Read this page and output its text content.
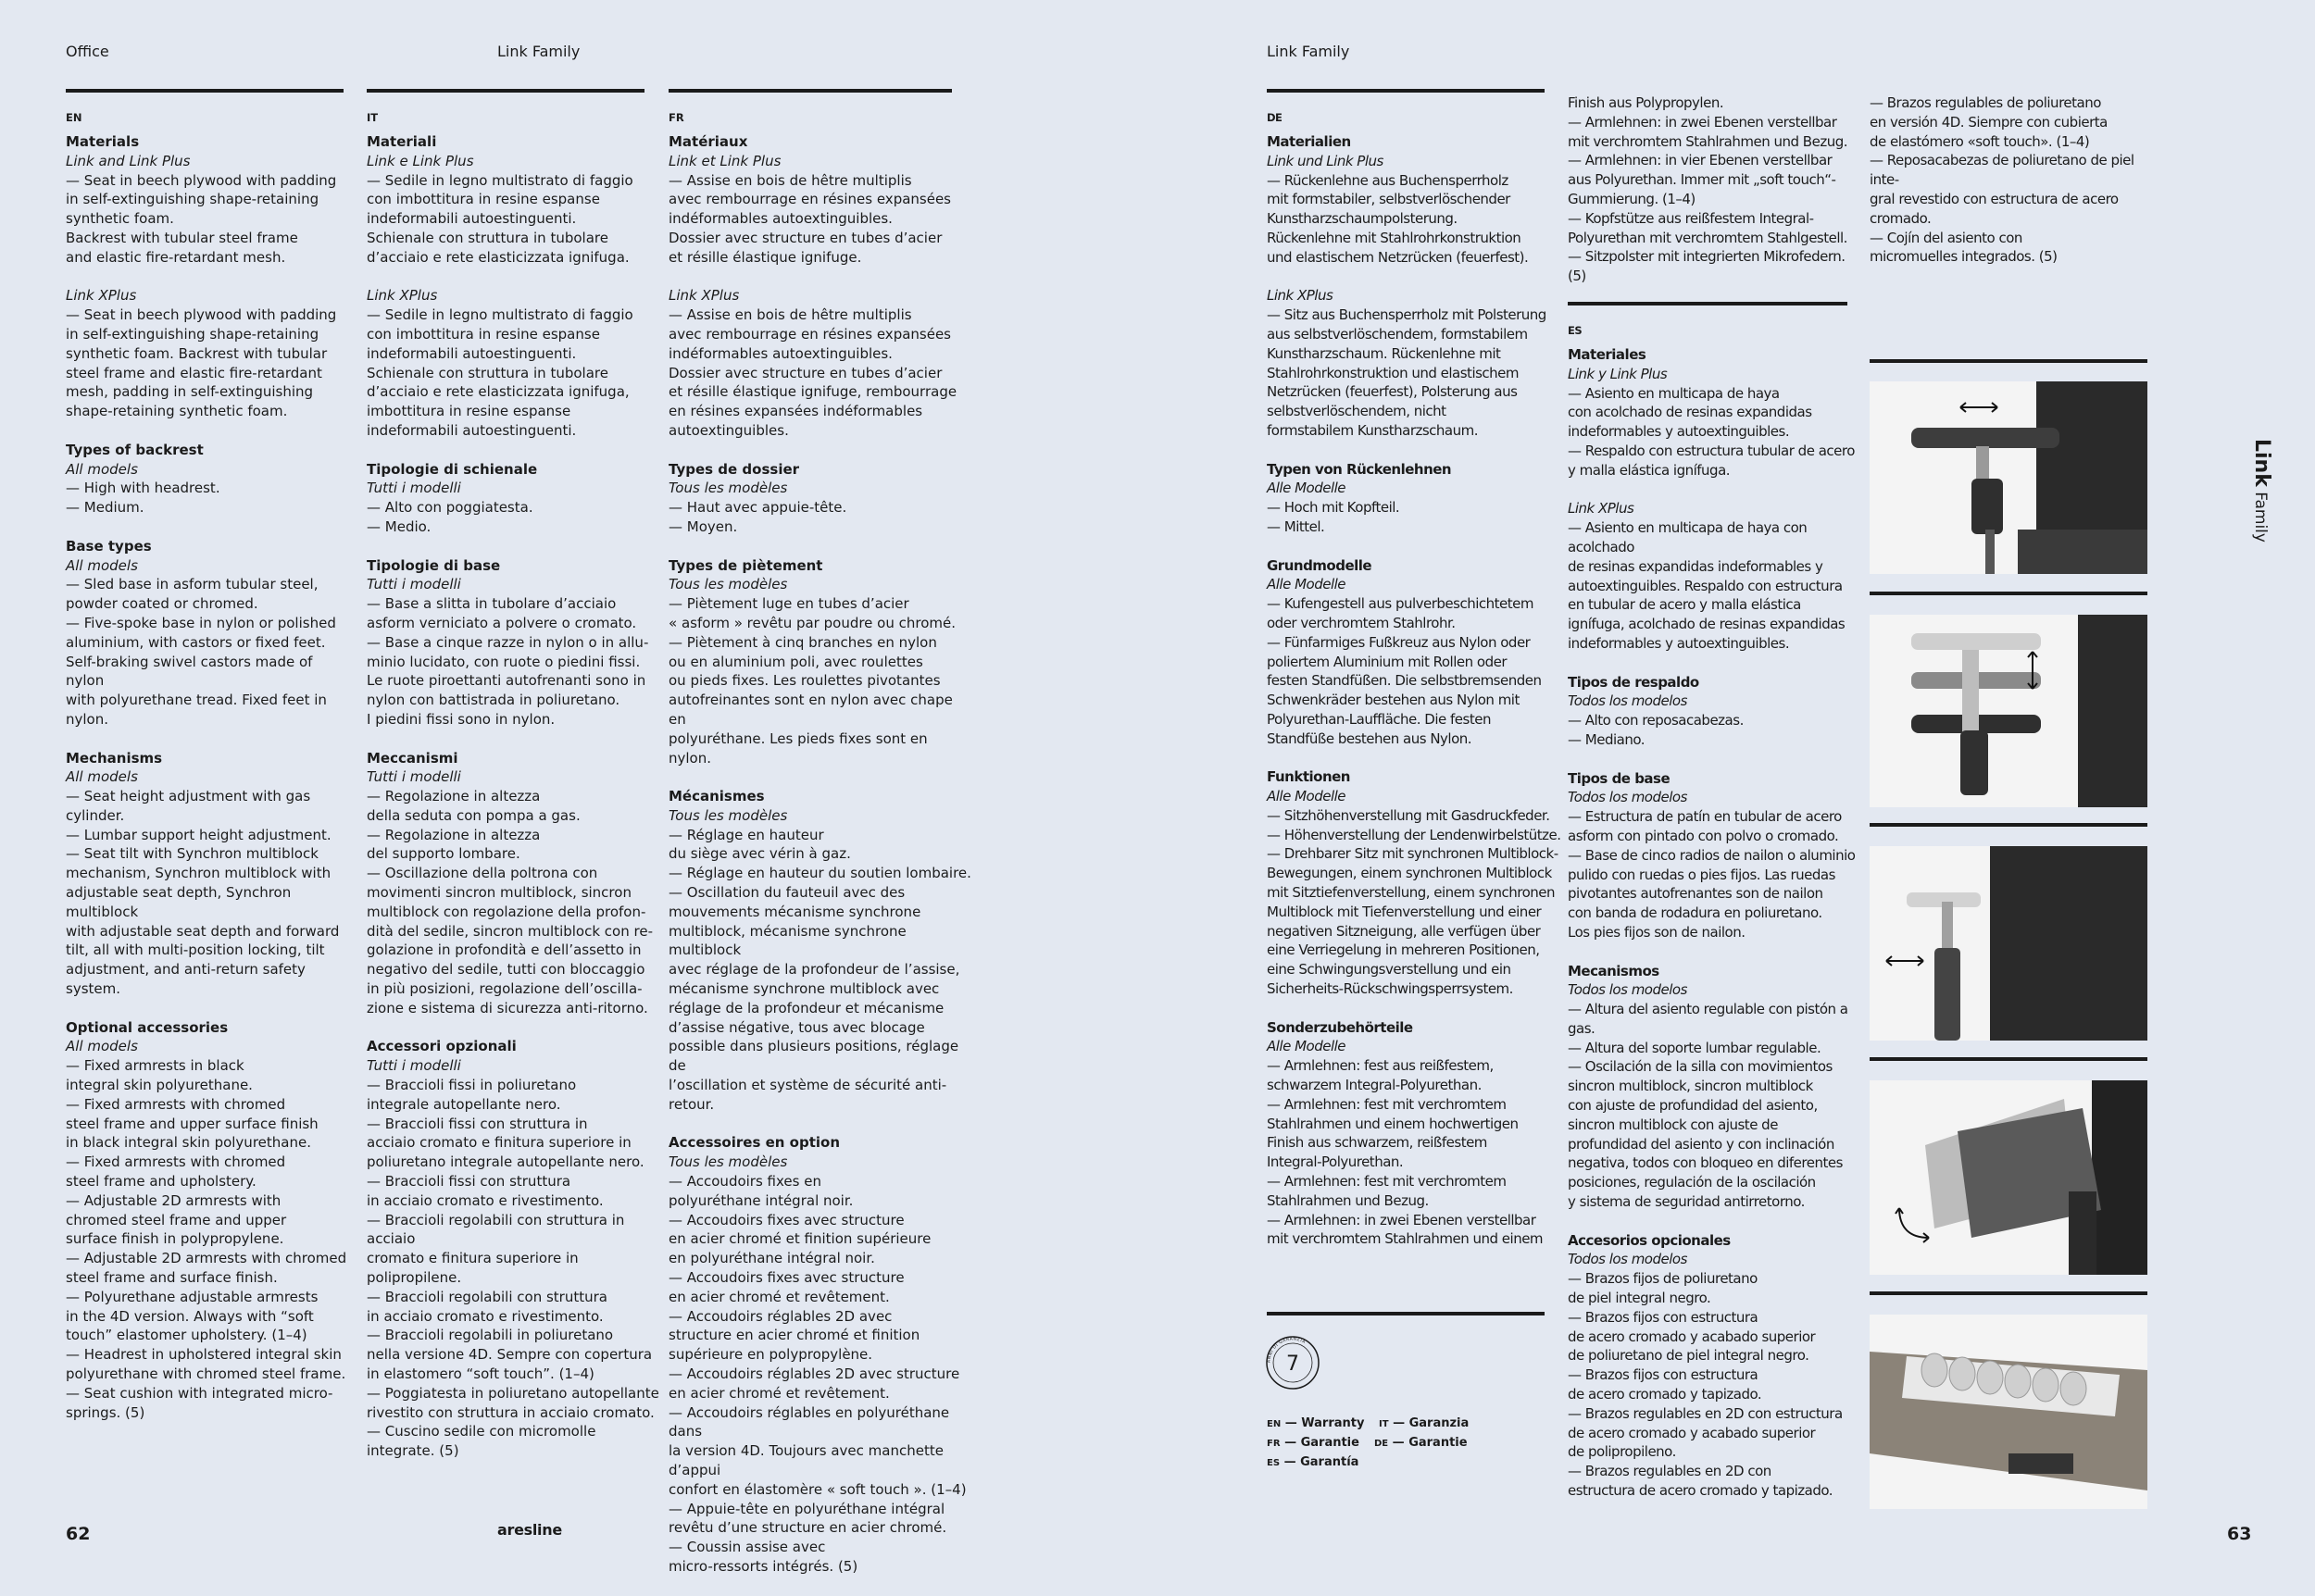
Office	Link Family	Link Family
EN

Materials
Link and Link Plus
— Seat in beech plywood with padding
in self-extinguishing shape-retaining
synthetic foam.
Backrest with tubular steel frame
and elastic fire-retardant mesh.

Link XPlus
— Seat in beech plywood with padding
in self-extinguishing shape-retaining
synthetic foam. Backrest with tubular
steel frame and elastic fire-retardant
mesh, padding in self-extinguishing
shape-retaining synthetic foam.

Types of backrest
All models
— High with headrest.
— Medium.

Base types
All models
— Sled base in asform tubular steel,
powder coated or chromed.
— Five-spoke base in nylon or polished
aluminium, with castors or fixed feet.
Self-braking swivel castors made of nylon
with polyurethane tread. Fixed feet in nylon.

Mechanisms
All models
— Seat height adjustment with gas cylinder.
— Lumbar support height adjustment.
— Seat tilt with Synchron multiblock
mechanism, Synchron multiblock with
adjustable seat depth, Synchron multiblock
with adjustable seat depth and forward
tilt, all with multi-position locking, tilt
adjustment, and anti-return safety system.

Optional accessories
All models
— Fixed armrests in black
integral skin polyurethane.
— Fixed armrests with chromed
steel frame and upper surface finish
in black integral skin polyurethane.
— Fixed armrests with chromed
steel frame and upholstery.
— Adjustable 2D armrests with
chromed steel frame and upper
surface finish in polypropylene.
— Adjustable 2D armrests with chromed
steel frame and surface finish.
— Polyurethane adjustable armrests
in the 4D version. Always with “soft
touch” elastomer upholstery. (1–4)
— Headrest in upholstered integral skin
polyurethane with chromed steel frame.
— Seat cushion with integrated micro-
springs. (5)

IT

Materiali
Link e Link Plus
— Sedile in legno multistrato di faggio
con imbottitura in resine espanse
indeformabili autoestinguenti.
Schienale con struttura in tubolare
d’acciaio e rete elasticizzata ignifuga.

Link XPlus
— Sedile in legno multistrato di faggio
con imbottitura in resine espanse
indeformabili autoestinguenti.
Schienale con struttura in tubolare
d’acciaio e rete elasticizzata ignifuga,
imbottitura in resine espanse
indeformabili autoestinguenti.

Tipologie di schienale
Tutti i modelli
— Alto con poggiatesta.
— Medio.

Tipologie di base
Tutti i modelli
— Base a slitta in tubolare d’acciaio
asform verniciato a polvere o cromato.
— Base a cinque razze in nylon o in allu-
minio lucidato, con ruote o piedini fissi.
Le ruote piroettanti autofrenanti sono in
nylon con battistrada in poliuretano.
I piedini fissi sono in nylon.

Meccanismi
Tutti i modelli
— Regolazione in altezza
della seduta con pompa a gas.
— Regolazione in altezza
del supporto lombare.
— Oscillazione della poltrona con
movimenti sincron multiblock, sincron
multiblock con regolazione della profon-
dità del sedile, sincron multiblock con re-
golazione in profondità e dell’assetto in
negativo del sedile, tutti con bloccaggio
in più posizioni, regolazione dell’oscilla-
zione e sistema di sicurezza anti-ritorno.

Accessori opzionali
Tutti i modelli
— Braccioli fissi in poliuretano
integrale autopellante nero.
— Braccioli fissi con struttura in
acciaio cromato e finitura superiore in
poliuretano integrale autopellante nero.
— Braccioli fissi con struttura
in acciaio cromato e rivestimento.
— Braccioli regolabili con struttura in acciaio
cromato e finitura superiore in polipropilene.
— Braccioli regolabili con struttura
in acciaio cromato e rivestimento.
— Braccioli regolabili in poliuretano
nella versione 4D. Sempre con copertura
in elastomero “soft touch”. (1–4)
— Poggiatesta in poliuretano autopellante
rivestito con struttura in acciaio cromato.
— Cuscino sedile con micromolle integrate. (5)

FR

Matériaux
Link et Link Plus
— Assise en bois de hêtre multiplis
avec rembourrage en résines expansées
indéformables autoextinguibles.
Dossier avec structure en tubes d’acier
et résille élastique ignifuge.

Link XPlus
— Assise en bois de hêtre multiplis
avec rembourrage en résines expansées
indéformables autoextinguibles.
Dossier avec structure en tubes d’acier
et résille élastique ignifuge, rembourrage
en résines expansées indéformables
autoextinguibles.

Types de dossier
Tous les modèles
— Haut avec appuie-tête.
— Moyen.

Types de piètement
Tous les modèles
— Piètement luge en tubes d’acier
« asform » revêtu par poudre ou chromé.
— Piètement à cinq branches en nylon
ou en aluminium poli, avec roulettes
ou pieds fixes. Les roulettes pivotantes
autofreinantes sont en nylon avec chape en
polyuréthane. Les pieds fixes sont en nylon.

Mécanismes
Tous les modèles
— Réglage en hauteur
du siège avec vérin à gaz.
— Réglage en hauteur du soutien lombaire.
— Oscillation du fauteuil avec des
mouvements mécanisme synchrone
multiblock, mécanisme synchrone multiblock
avec réglage de la profondeur de l’assise,
mécanisme synchrone multiblock avec
réglage de la profondeur et mécanisme
d’assise négative, tous avec blocage
possible dans plusieurs positions, réglage de
l’oscillation et système de sécurité anti-retour.

Accessoires en option
Tous les modèles
— Accoudoirs fixes en
polyuréthane intégral noir.
— Accoudoirs fixes avec structure
en acier chromé et finition supérieure
en polyuréthane intégral noir.
— Accoudoirs fixes avec structure
en acier chromé et revêtement.
— Accoudoirs réglables 2D avec
structure en acier chromé et finition
supérieure en polypropylène.
— Accoudoirs réglables 2D avec structure
en acier chromé et revêtement.
— Accoudoirs réglables en polyuréthane dans
la version 4D. Toujours avec manchette d’appui
confort en élastomère « soft touch ». (1–4)
— Appuie-tête en polyuréthane intégral
revêtu d’une structure en acier chromé.
— Coussin assise avec
micro-ressorts intégrés. (5)

DE

Materialien
Link und Link Plus
— Rückenlehne aus Buchensperrholz
mit formstabiler, selbstverlöschender
Kunstharzschaumpolsterung.
Rückenlehne mit Stahlrohrkonstruktion
und elastischem Netzrücken (feuerfest).

Link XPlus
— Sitz aus Buchensperrholz mit Polsterung
aus selbstverlöschendem, formstabilem
Kunstharzschaum. Rückenlehne mit
Stahlrohrkonstruktion und elastischem
Netzrücken (feuerfest), Polsterung aus
selbstverlöschendem, nicht
formstabilem Kunstharzschaum.

Typen von Rückenlehnen
Alle Modelle
— Hoch mit Kopfteil.
— Mittel.

Grundmodelle
Alle Modelle
— Kufengestell aus pulverbeschichtetem
oder verchromtem Stahlrohr.
— Fünfarmiges Fußkreuz aus Nylon oder
poliertem Aluminium mit Rollen oder
festen Standfüßen. Die selbstbremsenden
Schwenkräder bestehen aus Nylon mit
Polyurethan-Lauffläche. Die festen
Standfüße bestehen aus Nylon.

Funktionen
Alle Modelle
— Sitzhöhenverstellung mit Gasdruckfeder.
— Höhenverstellung der Lendenwirbelstütze.
— Drehbarer Sitz mit synchronen Multiblock-
Bewegungen, einem synchronen Multiblock
mit Sitztiefenverstellung, einem synchronen
Multiblock mit Tiefenverstellung und einer
negativen Sitzneigung, alle verfügen über
eine Verriegelung in mehreren Positionen,
eine Schwingungsverstellung und ein
Sicherheits-Rückschwingsperrsystem.

Sonderzubehörteile
Alle Modelle
— Armlehnen: fest aus reißfestem,
schwarzem Integral-Polyurethan.
— Armlehnen: fest mit verchromtem
Stahlrahmen und einem hochwertigen
Finish aus schwarzem, reißfestem
Integral-Polyurethan.
— Armlehnen: fest mit verchromtem
Stahlrahmen und Bezug.
— Armlehnen: in zwei Ebenen verstellbar
mit verchromtem Stahlrahmen und einem

Finish aus Polypropylen.
— Armlehnen: in zwei Ebenen verstellbar
mit verchromtem Stahlrahmen und Bezug.
— Armlehnen: in vier Ebenen verstellbar
aus Polyurethan. Immer mit „soft touch“-
Gummierung. (1–4)
— Kopfstütze aus reißfestem Integral-
Polyurethan mit verchromtem Stahlgestell.
— Sitzpolster mit integrierten Mikrofedern. (5)
ES

Materiales
Link y Link Plus
— Asiento en multicapa de haya
con acolchado de resinas expandidas
indeformables y autoextinguibles.
— Respaldo con estructura tubular de acero
y malla elástica ignífuga.

Link XPlus
— Asiento en multicapa de haya con acolchado
de resinas expandidas indeformables y
autoextinguibles. Respaldo con estructura
en tubular de acero y malla elástica
ignífuga, acolchado de resinas expandidas
indeformables y autoextinguibles.

Tipos de respaldo
Todos los modelos
— Alto con reposacabezas.
— Mediano.

Tipos de base
Todos los modelos
— Estructura de patín en tubular de acero
asform con pintado con polvo o cromado.
— Base de cinco radios de nailon o aluminio
pulido con ruedas o pies fijos. Las ruedas
pivotantes autofrenantes son de nailon
con banda de rodadura en poliuretano.
Los pies fijos son de nailon.

Mecanismos
Todos los modelos
— Altura del asiento regulable con pistón a gas.
— Altura del soporte lumbar regulable.
— Oscilación de la silla con movimientos
sincron multiblock, sincron multiblock
con ajuste de profundidad del asiento,
sincron multiblock con ajuste de
profundidad del asiento y con inclinación
negativa, todos con bloqueo en diferentes
posiciones, regulación de la oscilación
y sistema de seguridad antirretorno.

Accesorios opcionales
Todos los modelos
— Brazos fijos de poliuretano
de piel integral negro.
— Brazos fijos con estructura
de acero cromado y acabado superior
de poliuretano de piel integral negro.
— Brazos fijos con estructura
de acero cromado y tapizado.
— Brazos regulables en 2D con estructura
de acero cromado y acabado superior
de polipropileno.
— Brazos regulables en 2D con
estructura de acero cromado y tapizado.

— Brazos regulables de poliuretano
en versión 4D. Siempre con cubierta
de elastómero «soft touch». (1–4)
— Reposacabezas de poliuretano de piel inte-
gral revestido con estructura de acero cromado.
— Cojín del asiento con
micromuelles integrados. (5)
ANNI DI GARANZIA
7
EN — Warranty IT — Garanzia
FR — Garantie DE — Garantie
ES — Garantía
Link Family
62	aresline	63
